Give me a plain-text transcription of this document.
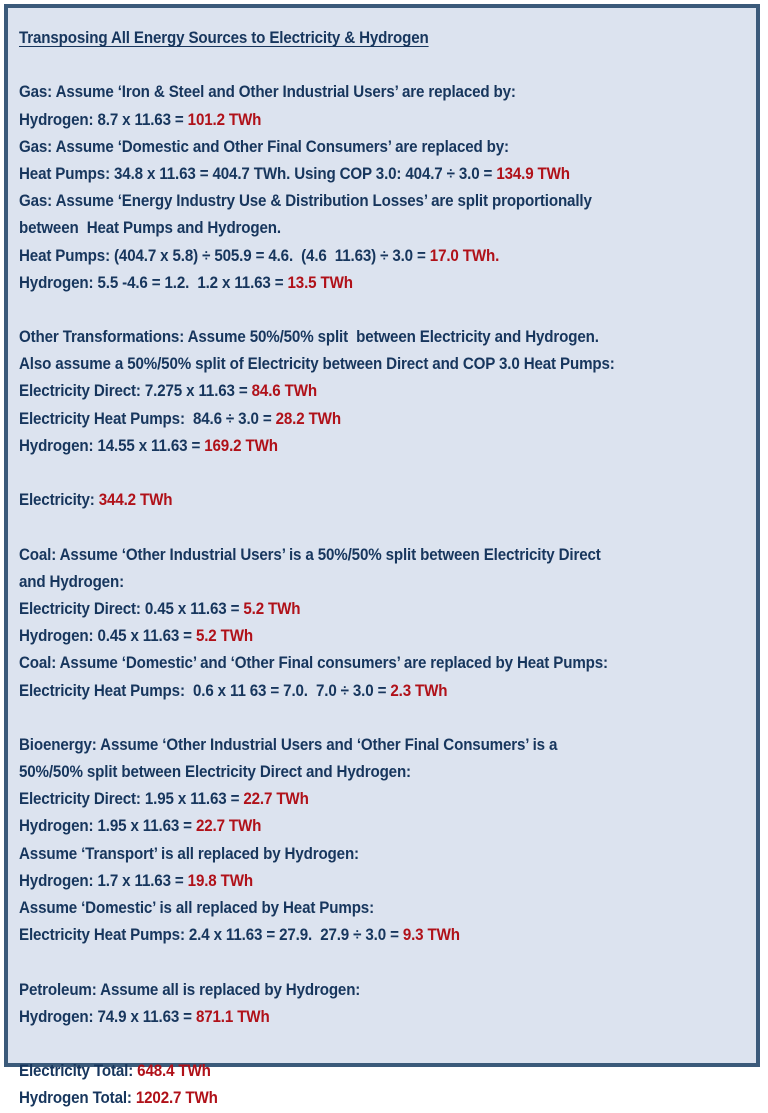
Transposing All Energy Sources to Electricity & Hydrogen
Gas: Assume ‘Iron & Steel and Other Industrial Users’ are replaced by:
Hydrogen: 8.7 x 11.63 = 101.2 TWh
Gas: Assume ‘Domestic and Other Final Consumers’ are replaced by:
Heat Pumps: 34.8 x 11.63 = 404.7 TWh. Using COP 3.0: 404.7 ÷ 3.0 = 134.9 TWh
Gas: Assume ‘Energy Industry Use & Distribution Losses’ are split proportionally
between  Heat Pumps and Hydrogen.
Heat Pumps: (404.7 x 5.8) ÷ 505.9 = 4.6.  (4.6  11.63) ÷ 3.0 = 17.0 TWh.
Hydrogen: 5.5 -4.6 = 1.2.  1.2 x 11.63 = 13.5 TWh
Other Transformations: Assume 50%/50% split  between Electricity and Hydrogen.
Also assume a 50%/50% split of Electricity between Direct and COP 3.0 Heat Pumps:
Electricity Direct: 7.275 x 11.63 = 84.6 TWh
Electricity Heat Pumps:  84.6 ÷ 3.0 = 28.2 TWh
Hydrogen: 14.55 x 11.63 = 169.2 TWh
Electricity: 344.2 TWh
Coal: Assume ‘Other Industrial Users’ is a 50%/50% split between Electricity Direct
and Hydrogen:
Electricity Direct: 0.45 x 11.63 = 5.2 TWh
Hydrogen: 0.45 x 11.63 = 5.2 TWh
Coal: Assume ‘Domestic’ and ‘Other Final consumers’ are replaced by Heat Pumps:
Electricity Heat Pumps:  0.6 x 11 63 = 7.0.  7.0 ÷ 3.0 = 2.3 TWh
Bioenergy: Assume ‘Other Industrial Users and ‘Other Final Consumers’ is a
50%/50% split between Electricity Direct and Hydrogen:
Electricity Direct: 1.95 x 11.63 = 22.7 TWh
Hydrogen: 1.95 x 11.63 = 22.7 TWh
Assume ‘Transport’ is all replaced by Hydrogen:
Hydrogen: 1.7 x 11.63 = 19.8 TWh
Assume ‘Domestic’ is all replaced by Heat Pumps:
Electricity Heat Pumps: 2.4 x 11.63 = 27.9.  27.9 ÷ 3.0 = 9.3 TWh
Petroleum: Assume all is replaced by Hydrogen:
Hydrogen: 74.9 x 11.63 = 871.1 TWh
Electricity Total: 648.4 TWh
Hydrogen Total: 1202.7 TWh
